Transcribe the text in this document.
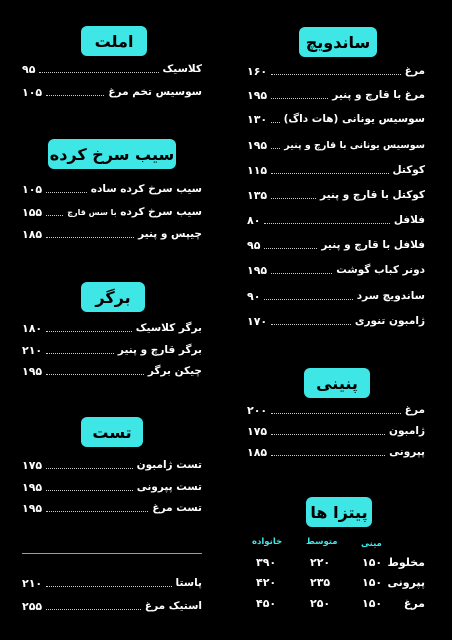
ساندویچ
مرغ
۱۶۰
مرغ با قارچ و پنیر
۱۹۵
سوسیس یونانی (هات داگ)
۱۳۰
سوسیس یونانی با قارچ و پنیر
۱۹۵
کوکتل
۱۱۵
کوکتل با قارچ و پنیر
۱۳۵
فلافل
۸۰
فلافل با قارچ و پنیر
۹۵
دونر کباب گوشت
۱۹۵
ساندویچ سرد
۹۰
ژامبون تنوری
۱۷۰
پنینی
مرغ
۲۰۰
ژامبون
۱۷۵
پپرونی
۱۸۵
پیتزا ها
مینی
متوسط
خانواده
مخلوط
۱۵۰
۲۲۰
۳۹۰
پپرونی
۱۵۰
۲۳۵
۴۲۰
مرغ
۱۵۰
۲۵۰
۴۵۰
املت
کلاسیک
۹۵
سوسیس تخم مرغ
۱۰۵
سیب سرخ کرده
سیب سرخ کرده ساده
۱۰۵
سیب سرخ کرده با سس قارچ
۱۵۵
چیپس و پنیر
۱۸۵
برگر
برگر کلاسیک
۱۸۰
برگر قارچ و پنیر
۲۱۰
چیکن برگر
۱۹۵
تست
تست ژامبون
۱۷۵
تست پپرونی
۱۹۵
تست مرغ
۱۹۵
پاستا
۲۱۰
استیک مرغ
۲۵۵
